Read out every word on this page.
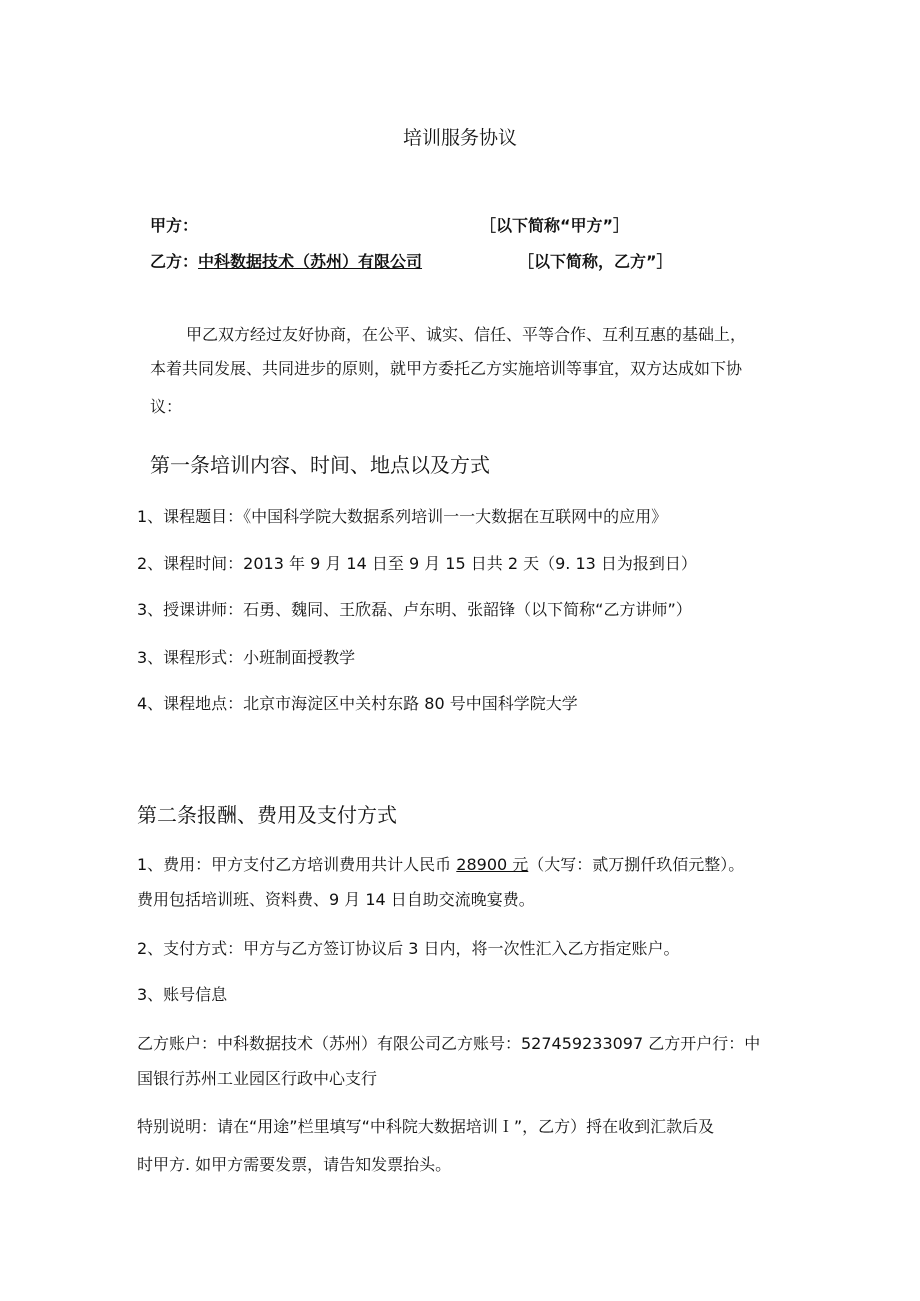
培训服务协议
甲方：	［以下简称“甲方”］
乙方：中科数据技术（苏州）有限公司	［以下简称，乙方”］
甲乙双方经过友好协商，在公平、诚实、信任、平等合作、互利互惠的基础上，
本着共同发展、共同进步的原则，就甲方委托乙方实施培训等事宜，双方达成如下协
议：
第一条培训内容、时间、地点以及方式
1、课程题目：《中国科学院大数据系列培训一一大数据在互联网中的应用》
2、课程时间：2013 年 9 月 14 日至 9 月 15 日共 2 天（9. 13 日为报到日）
3、授课讲师：石勇、魏同、王欣磊、卢东明、张韶锋（以下简称“乙方讲师”）
3、课程形式：小班制面授教学
4、课程地点：北京市海淀区中关村东路 80 号中国科学院大学
第二条报酬、费用及支付方式
1、费用：甲方支付乙方培训费用共计人民币 28900 元（大写：贰万捌仟玖佰元整）。
费用包括培训班、资料费、9 月 14 日自助交流晚宴费。
2、支付方式：甲方与乙方签订协议后 3 日内，将一次性汇入乙方指定账户。
3、账号信息
乙方账户：中科数据技术（苏州）有限公司乙方账号：527459233097 乙方开户行：中
国银行苏州工业园区行政中心支行
特别说明：请在“用途”栏里填写“中科院大数据培训Ｉ”，乙方）捋在收到汇款后及
时甲方. 如甲方需要发票，请告知发票抬头。
